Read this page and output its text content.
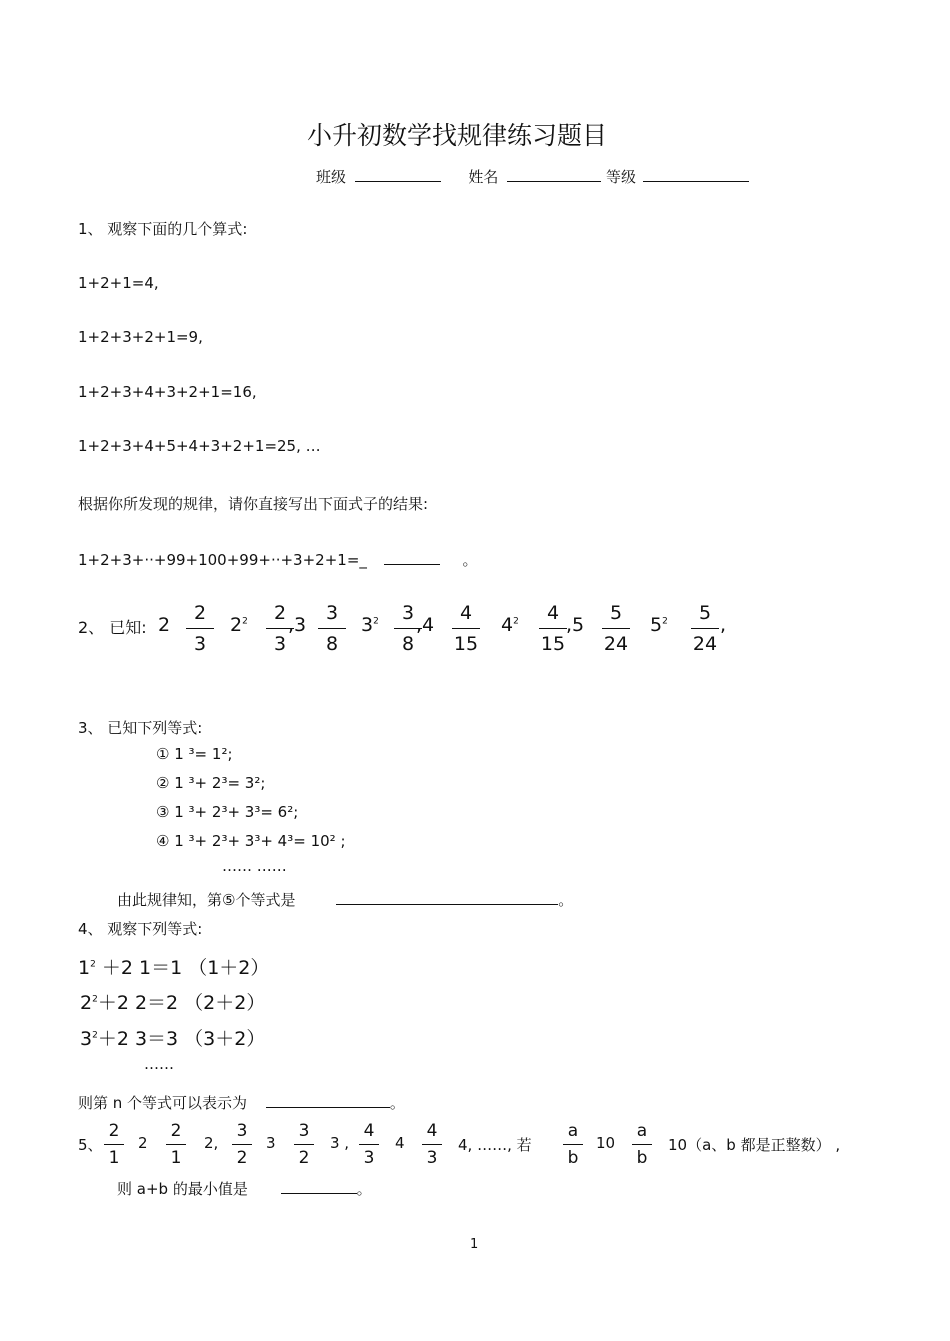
小升初数学找规律练习题目
班级	姓名	等级
1、 观察下面的几个算式:
1+2+1=4,
1+2+3+2+1=9,
1+2+3+4+3+2+1=16,
1+2+3+4+5+4+3+2+1=25, …
根据你所发现的规律，请你直接写出下面式子的结果:
1+2+3+··+99+100+99+··+3+2+1=_	。
2、 已知: 2
2
3
$2^2$	2
3
,3
3
8
$3^2$	3
8
,4
4
15
$4^2$	4
15
,5
5
24
$5^2$	5
24
,
3、 已知下列等式:
① 1 ³= 1²;
② 1 ³+ 2³= 3²;
③ 1 ³+ 2³+ 3³= 6²;
④ 1 ³+ 2³+ 3³+ 4³= 10² ;
…… ……
由此规律知，第⑤个等式是	。
4、 观察下列等式:
$1^2 +2$ 1＝1 （1＋2）
$2^2+2$ 2＝2 （2＋2）
$3^2+2$ 3＝3 （3＋2）
……
则第 n 个等式可以表示为	。
5、
2
1
2
2
1
2,
3
2
3
3
2
3 ,
4
3
4
4
3
4, ……, 若
a
b
10
a
b
10（a、b 都是正整数） ,
则 a+b 的最小值是	。
1
